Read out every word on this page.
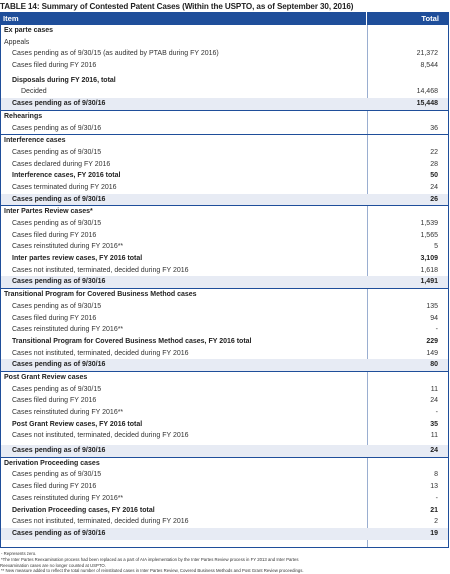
TABLE 14: Summary of Contested Patent Cases (Within the USPTO, as of September 30, 2016)
Item	Total
Ex parte cases
Appeals
Cases pending as of 9/30/15 (as audited by PTAB during FY 2016)	21,372
Cases filed during FY 2016	8,544
Disposals during FY 2016, total
Decided	14,468
Cases pending as of 9/30/16	15,448
Rehearings
Cases pending as of 9/30/16	36
Interference cases
Cases pending as of 9/30/15	22
Cases declared during FY 2016	28
Interference cases, FY 2016 total	50
Cases terminated during FY 2016	24
Cases pending as of 9/30/16	26
Inter Partes Review cases*
Cases pending as of 9/30/15	1,539
Cases filed during FY 2016	1,565
Cases reinstituted during FY 2016**	5
Inter partes review cases, FY 2016 total	3,109
Cases not instituted, terminated, decided during FY 2016	1,618
Cases pending as of 9/30/16	1,491
Transitional Program for Covered Business Method cases
Cases pending as of 9/30/15	135
Cases filed during FY 2016	94
Cases reinstituted during FY 2016**	-
Transitional Program for Covered Business Method cases, FY 2016 total	229
Cases not instituted, terminated, decided during FY 2016	149
Cases pending as of 9/30/16	80
Post Grant Review cases
Cases pending as of 9/30/15	11
Cases filed during FY 2016	24
Cases reinstituted during FY 2016**	-
Post Grant Review cases, FY 2016 total	35
Cases not instituted, terminated, decided during FY 2016	11
Cases pending as of 9/30/16	24
Derivation Proceeding cases
Cases pending as of 9/30/15	8
Cases filed during FY 2016	13
Cases reinstituted during FY 2016**	-
Derivation Proceeding cases, FY 2016 total	21
Cases not instituted, terminated, decided during FY 2016	2
Cases pending as of 9/30/16	19
- Represents zero.
*The Inter Partes Reexamination process had been replaced as a part of AIA implementation by the Inter Partes Review process in FY 2013 and Inter Partes
Reexamination cases are no longer counted at USPTO.
** New measure added to reflect the total number of reinstituted cases in Inter Partes Review, Covered Business Methods and Post Grant Review proceedings.
